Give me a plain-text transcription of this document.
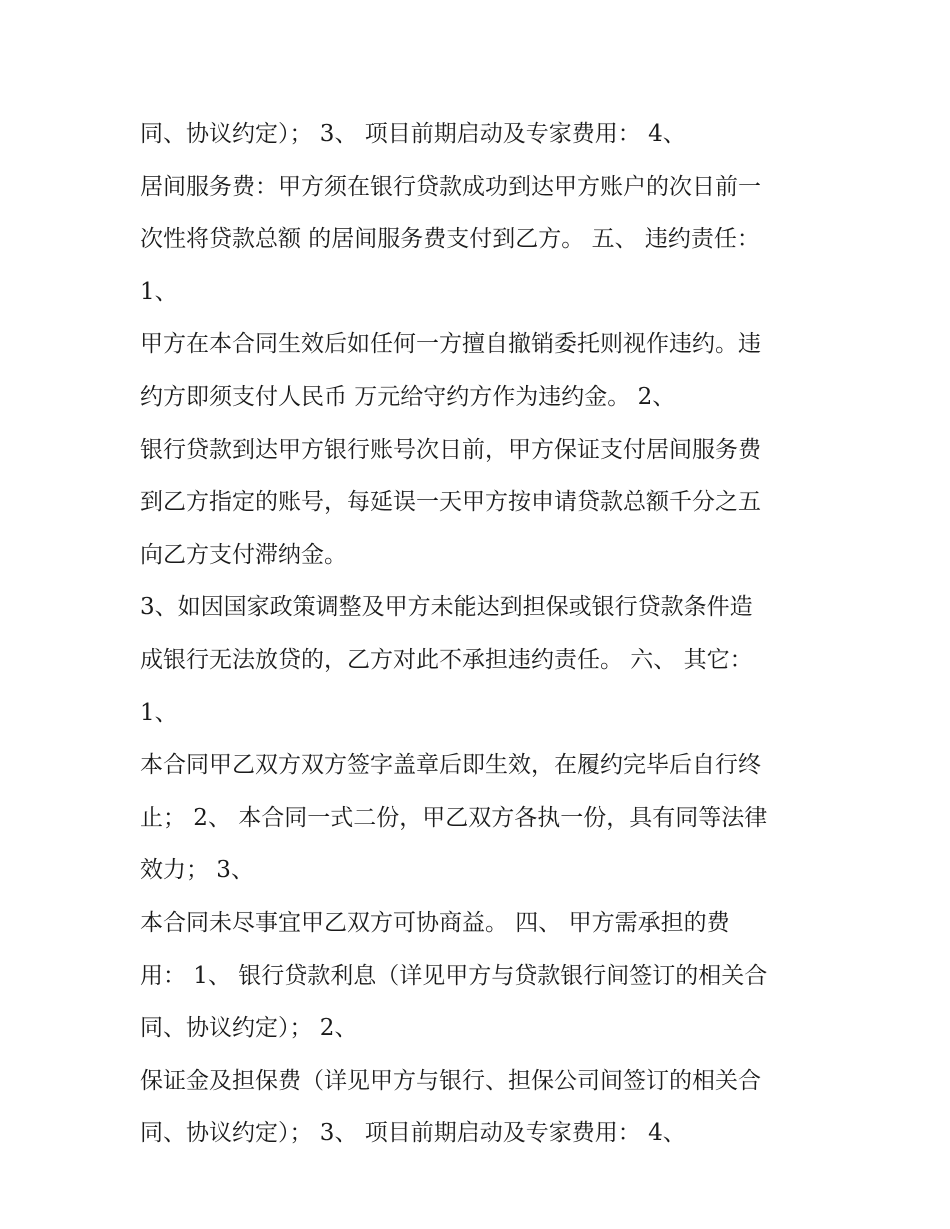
同、协议约定）； 3、 项目前期启动及专家费用： 4、
居间服务费：甲方须在银行贷款成功到达甲方账户的次日前一
次性将贷款总额 的居间服务费支付到乙方。 五、 违约责任：
1、
甲方在本合同生效后如任何一方擅自撤销委托则视作违约。违
约方即须支付人民币 万元给守约方作为违约金。 2、
银行贷款到达甲方银行账号次日前，甲方保证支付居间服务费
到乙方指定的账号，每延误一天甲方按申请贷款总额千分之五
向乙方支付滞纳金。
3、如因国家政策调整及甲方未能达到担保或银行贷款条件造
成银行无法放贷的，乙方对此不承担违约责任。 六、 其它：
1、
本合同甲乙双方双方签字盖章后即生效，在履约完毕后自行终
止； 2、 本合同一式二份，甲乙双方各执一份，具有同等法律
效力； 3、
本合同未尽事宜甲乙双方可协商益。 四、 甲方需承担的费
用： 1、 银行贷款利息（详见甲方与贷款银行间签订的相关合
同、协议约定）； 2、
保证金及担保费（详见甲方与银行、担保公司间签订的相关合
同、协议约定）； 3、 项目前期启动及专家费用： 4、
